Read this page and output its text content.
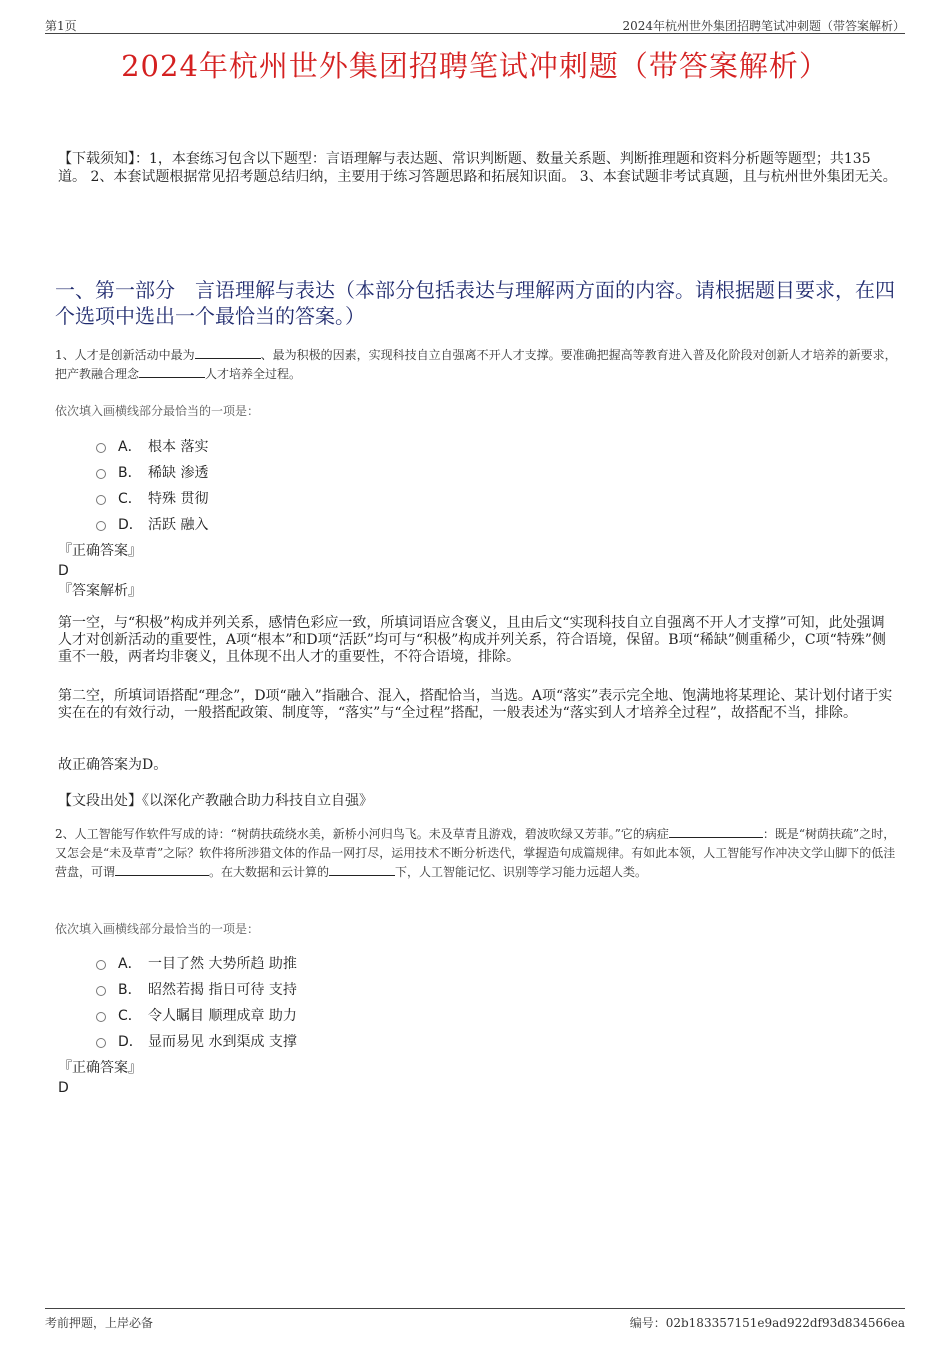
第1页	2024年杭州世外集团招聘笔试冲刺题（带答案解析）
2024年杭州世外集团招聘笔试冲刺题（带答案解析）
【下载须知】：1，本套练习包含以下题型：言语理解与表达题、常识判断题、数量关系题、判断推理题和资料分析题等题型；共135道。 2、本套试题根据常见招考题总结归纳，主要用于练习答题思路和拓展知识面。 3、本套试题非考试真题，且与杭州世外集团无关。
一、第一部分　言语理解与表达（本部分包括表达与理解两方面的内容。请根据题目要求，在四个选项中选出一个最恰当的答案。）
1、人才是创新活动中最为	、最为积极的因素，实现科技自立自强离不开人才支撑。要准确把握高等教育进入普及化阶段对创新人才培养的新要求，把产教融合理念	人才培养全过程。
依次填入画横线部分最恰当的一项是：
A． 根本 落实
B． 稀缺 渗透
C． 特殊 贯彻
D． 活跃 融入
『正确答案』
D
『答案解析』
第一空，与“积极”构成并列关系，感情色彩应一致，所填词语应含褒义，且由后文“实现科技自立自强离不开人才支撑”可知，此处强调人才对创新活动的重要性，A项“根本”和D项“活跃”均可与“积极”构成并列关系，符合语境，保留。B项“稀缺”侧重稀少，C项“特殊”侧重不一般，两者均非褒义，且体现不出人才的重要性，不符合语境，排除。
第二空，所填词语搭配“理念”，D项“融入”指融合、混入，搭配恰当，当选。A项“落实”表示完全地、饱满地将某理论、某计划付诸于实实在在的有效行动，一般搭配政策、制度等，“落实”与“全过程”搭配，一般表述为“落实到人才培养全过程”，故搭配不当，排除。
故正确答案为D。
【文段出处】《以深化产教融合助力科技自立自强》
2、人工智能写作软件写成的诗：“树荫扶疏绕水美，新桥小河归鸟飞。未及草青且游戏，碧波吹绿又芳菲。”它的病症	：既是“树荫扶疏”之时，又怎会是“未及草青”之际？软件将所涉猎文体的作品一网打尽，运用技术不断分析迭代，掌握造句成篇规律。有如此本领，人工智能写作冲决文学山脚下的低洼营盘，可谓	。在大数据和云计算的	下，人工智能记忆、识别等学习能力远超人类。
依次填入画横线部分最恰当的一项是：
A． 一目了然 大势所趋 助推
B． 昭然若揭 指日可待 支持
C． 令人瞩目 顺理成章 助力
D． 显而易见 水到渠成 支撑
『正确答案』
D
考前押题，上岸必备	编号：02b183357151e9ad922df93d834566ea
